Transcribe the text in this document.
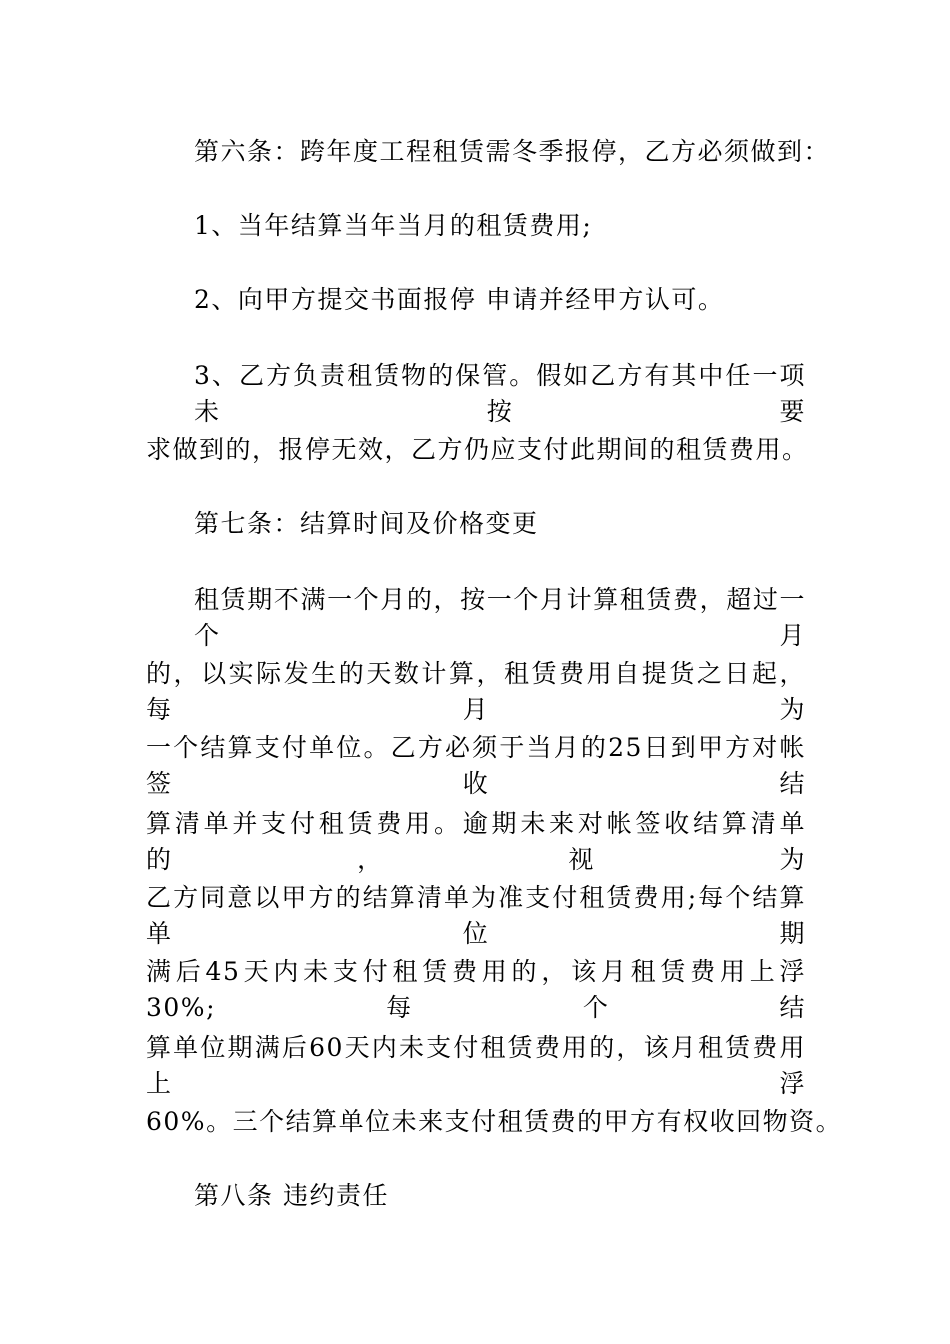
第六条：跨年度工程租赁需冬季报停，乙方必须做到：
1、当年结算当年当月的租赁费用;
2、向甲方提交书面报停 申请并经甲方认可。
3、乙方负责租赁物的保管。假如乙方有其中任一项未按要
求做到的，报停无效，乙方仍应支付此期间的租赁费用。
第七条：结算时间及价格变更
租赁期不满一个月的，按一个月计算租赁费，超过一个月
的，以实际发生的天数计算，租赁费用自提货之日起，每月为
一个结算支付单位。乙方必须于当月的25日到甲方对帐签收结
算清单并支付租赁费用。逾期未来对帐签收结算清单的，视为
乙方同意以甲方的结算清单为准支付租赁费用;每个结算单位期
满后45天内未支付租赁费用的，该月租赁费用上浮30%;每个结
算单位期满后60天内未支付租赁费用的，该月租赁费用上浮
60%。三个结算单位未来支付租赁费的甲方有权收回物资。
第八条 违约责任
